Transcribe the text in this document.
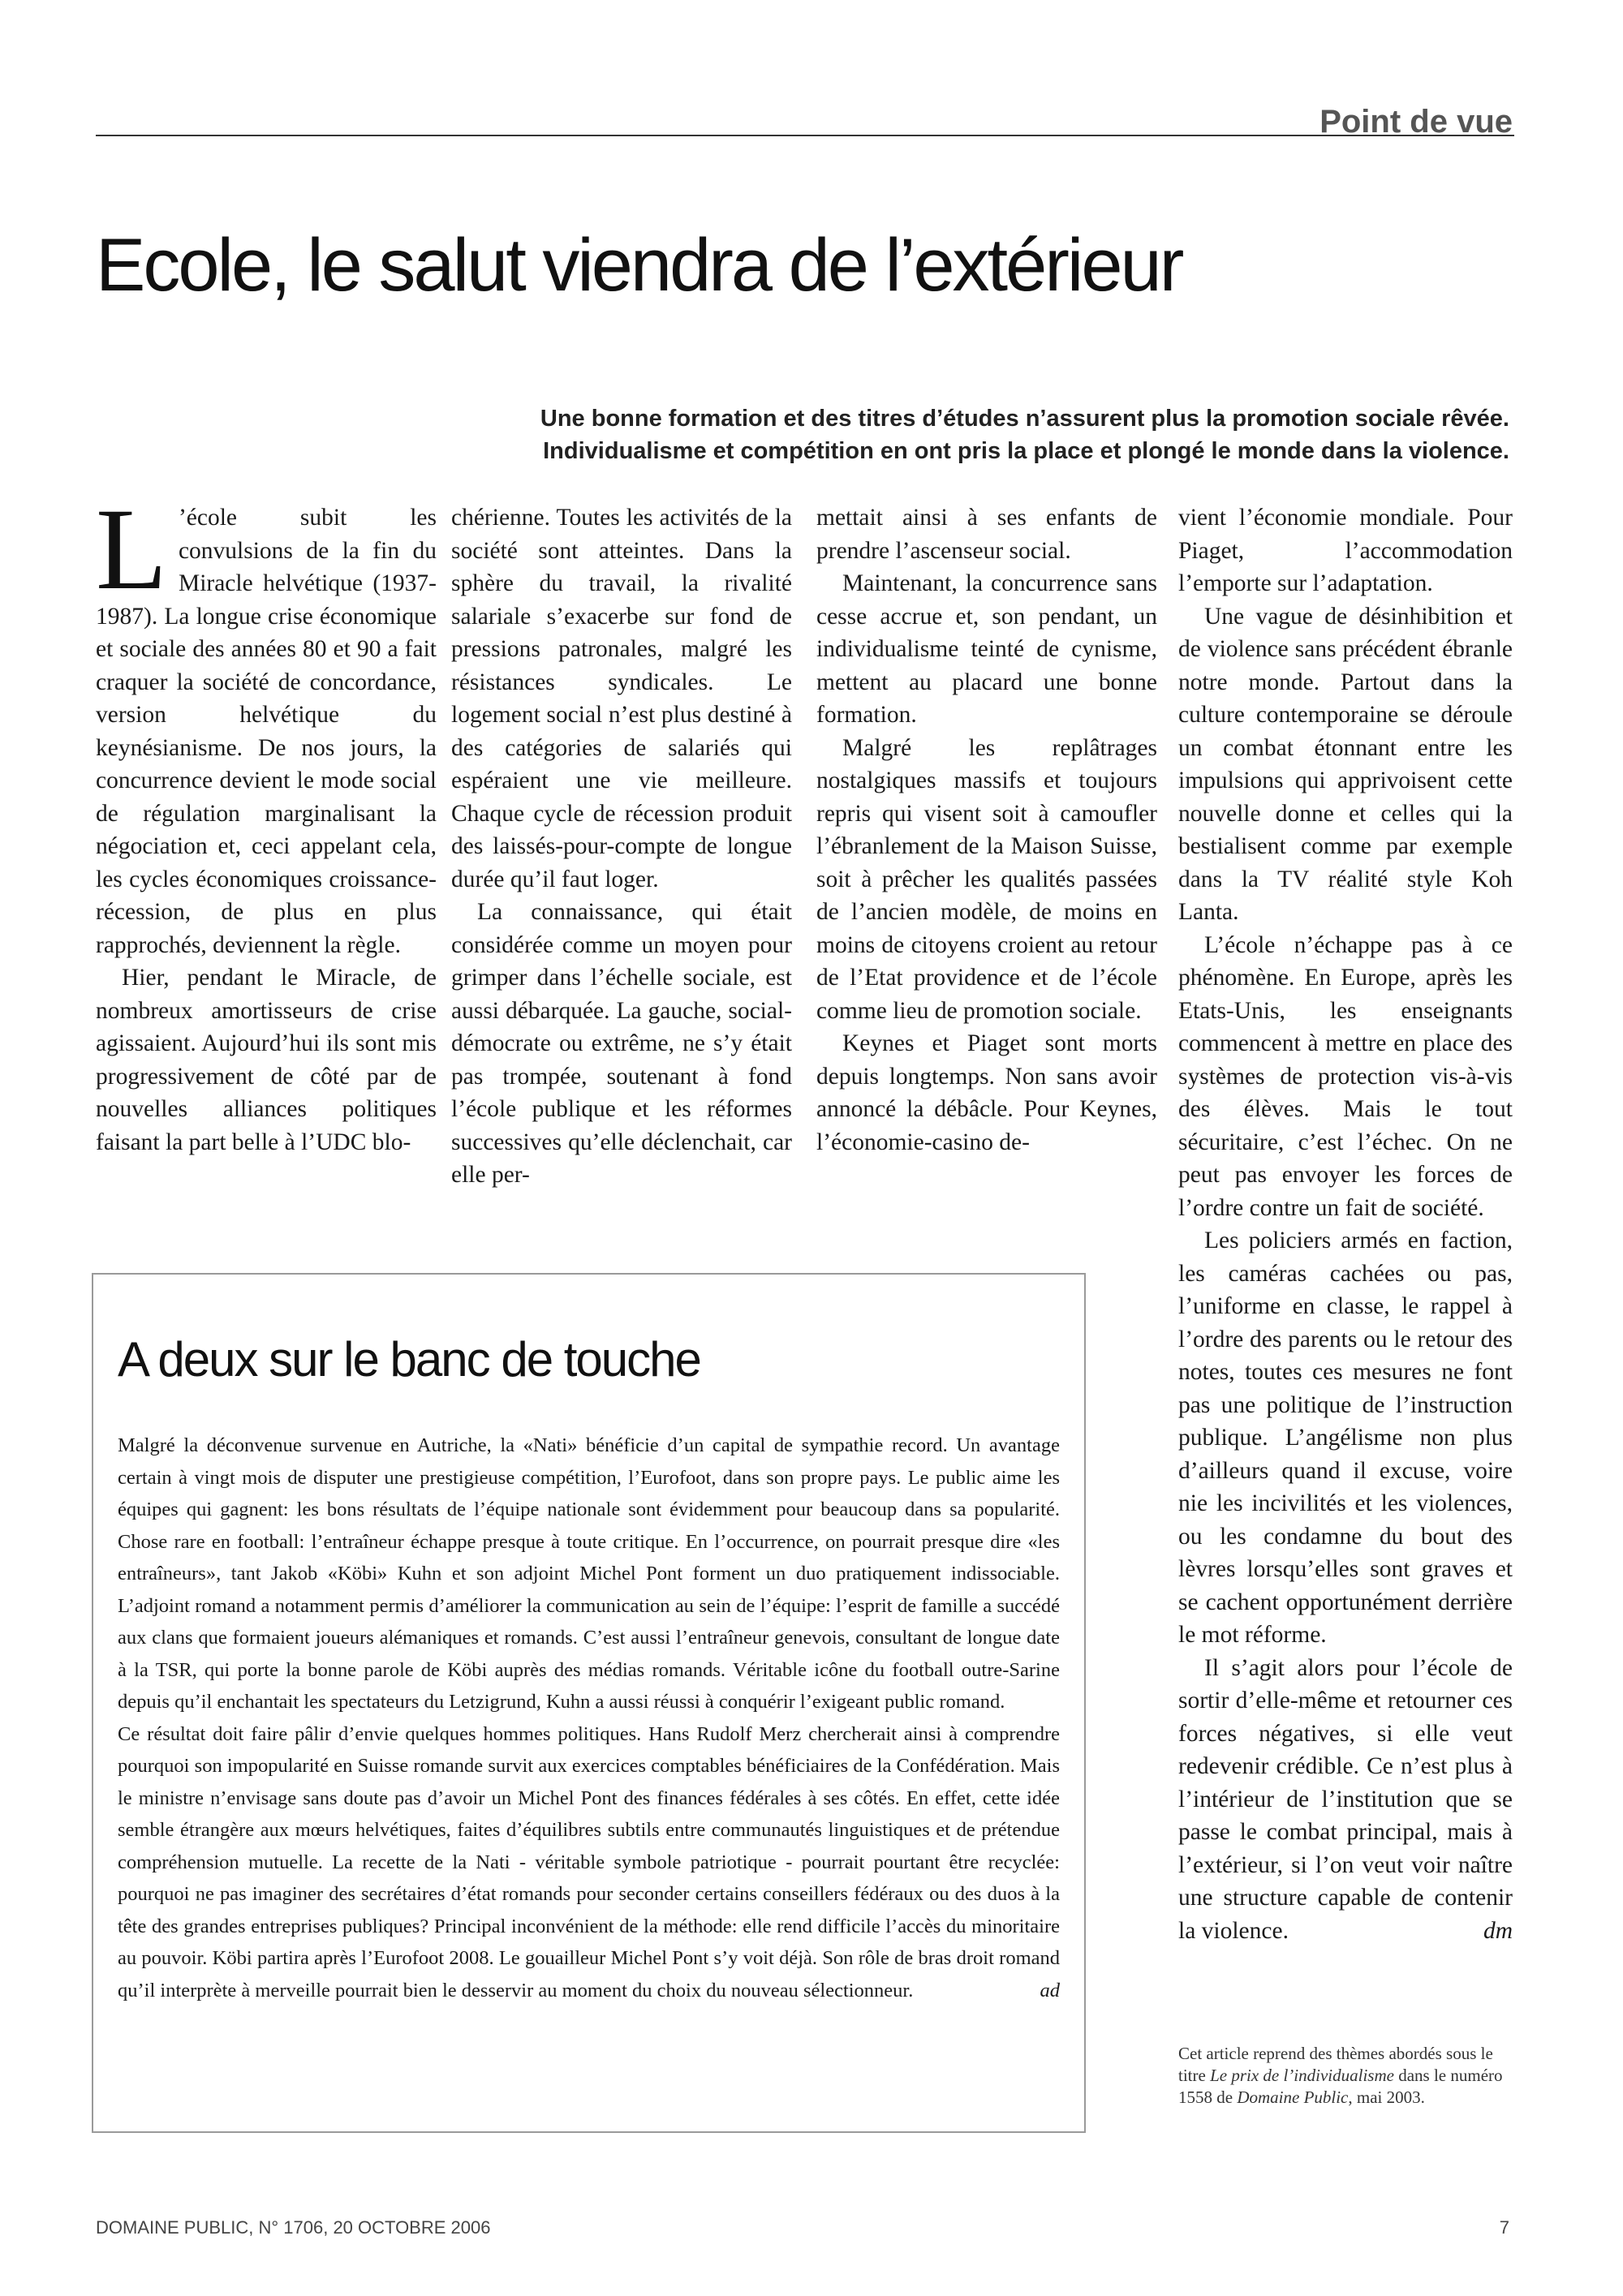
Point de vue
Ecole, le salut viendra de l’extérieur
Une bonne formation et des titres d’études n’assurent plus la promotion sociale rêvée.
Individualisme et compétition en ont pris la place et plongé le monde dans la violence.

L ’école subit les convulsions de la fin du Miracle helvétique (1937-1987). La longue crise économique et sociale des années 80 et 90 a fait craquer la société de concordance, version helvétique du keynésianisme. De nos jours, la concurrence devient le mode social de régulation marginalisant la négociation et, ceci appelant cela, les cycles économiques croissance-récession, de plus en plus rapprochés, deviennent la règle.

Hier, pendant le Miracle, de nombreux amortisseurs de crise agissaient. Aujourd’hui ils sont mis progressivement de côté par de nouvelles alliances politiques faisant la part belle à l’UDC blo-

chérienne. Toutes les activités de la société sont atteintes. Dans la sphère du travail, la rivalité salariale s’exacerbe sur fond de pressions patronales, malgré les résistances syndicales. Le logement social n’est plus destiné à des catégories de salariés qui espéraient une vie meilleure. Chaque cycle de récession produit des laissés-pour-compte de longue durée qu’il faut loger.

La connaissance, qui était considérée comme un moyen pour grimper dans l’échelle sociale, est aussi débarquée. La gauche, social-démocrate ou extrême, ne s’y était pas trompée, soutenant à fond l’école publique et les réformes successives qu’elle déclenchait, car elle per-

mettait ainsi à ses enfants de prendre l’ascenseur social.

Maintenant, la concurrence sans cesse accrue et, son pendant, un individualisme teinté de cynisme, mettent au placard une bonne formation.

Malgré les replâtrages nostalgiques massifs et toujours repris qui visent soit à camoufler l’ébranlement de la Maison Suisse, soit à prêcher les qualités passées de l’ancien modèle, de moins en moins de citoyens croient au retour de l’Etat providence et de l’école comme lieu de promotion sociale.

Keynes et Piaget sont morts depuis longtemps. Non sans avoir annoncé la débâcle. Pour Keynes, l’économie-casino de-

vient l’économie mondiale. Pour Piaget, l’accommodation l’emporte sur l’adaptation.

Une vague de désinhibition et de violence sans précédent ébranle notre monde. Partout dans la culture contemporaine se déroule un combat étonnant entre les impulsions qui apprivoisent cette nouvelle donne et celles qui la bestialisent comme par exemple dans la TV réalité style Koh Lanta.

L’école n’échappe pas à ce phénomène. En Europe, après les Etats-Unis, les enseignants commencent à mettre en place des systèmes de protection vis-à-vis des élèves. Mais le tout sécuritaire, c’est l’échec. On ne peut pas envoyer les forces de l’ordre contre un fait de société.

Les policiers armés en faction, les caméras cachées ou pas, l’uniforme en classe, le rappel à l’ordre des parents ou le retour des notes, toutes ces mesures ne font pas une politique de l’instruction publique. L’angélisme non plus d’ailleurs quand il excuse, voire nie les incivilités et les violences, ou les condamne du bout des lèvres lorsqu’elles sont graves et se cachent opportunément derrière le mot réforme.

Il s’agit alors pour l’école de sortir d’elle-même et retourner ces forces négatives, si elle veut redevenir crédible. Ce n’est plus à l’intérieur de l’institution que se passe le combat principal, mais à l’extérieur, si l’on veut voir naître une structure capable de contenir la violence.	dm

A deux sur le banc de touche

Malgré la déconvenue survenue en Autriche, la «Nati» bénéficie d’un capital de sympathie record. Un avantage certain à vingt mois de disputer une prestigieuse compétition, l’Eurofoot, dans son propre pays. Le public aime les équipes qui gagnent: les bons résultats de l’équipe nationale sont évidemment pour beaucoup dans sa popularité. Chose rare en football: l’entraîneur échappe presque à toute critique. En l’occurrence, on pourrait presque dire «les entraîneurs», tant Jakob «Köbi» Kuhn et son adjoint Michel Pont forment un duo pratiquement indissociable. L’adjoint romand a notamment permis d’améliorer la communication au sein de l’équipe: l’esprit de famille a succédé aux clans que formaient joueurs alémaniques et romands. C’est aussi l’entraîneur genevois, consultant de longue date à la TSR, qui porte la bonne parole de Köbi auprès des médias romands. Véritable icône du football outre-Sarine depuis qu’il enchantait les spectateurs du Letzigrund, Kuhn a aussi réussi à conquérir l’exigeant public romand.

Ce résultat doit faire pâlir d’envie quelques hommes politiques. Hans Rudolf Merz chercherait ainsi à comprendre pourquoi son impopularité en Suisse romande survit aux exercices comptables bénéficiaires de la Confédération. Mais le ministre n’envisage sans doute pas d’avoir un Michel Pont des finances fédérales à ses côtés. En effet, cette idée semble étrangère aux mœurs helvétiques, faites d’équilibres subtils entre communautés linguistiques et de prétendue compréhension mutuelle. La recette de la Nati - véritable symbole patriotique - pourrait pourtant être recyclée: pourquoi ne pas imaginer des secrétaires d’état romands pour seconder certains conseillers fédéraux ou des duos à la tête des grandes entreprises publiques? Principal inconvénient de la méthode: elle rend difficile l’accès du minoritaire au pouvoir. Köbi partira après l’Eurofoot 2008. Le gouailleur Michel Pont s’y voit déjà. Son rôle de bras droit romand qu’il interprète à merveille pourrait bien le desservir au moment du choix du nouveau sélectionneur.	ad

Cet article reprend des thèmes abordés sous le titre Le prix de l’individualisme dans le numéro 1558 de Domaine Public, mai 2003.
DOMAINE PUBLIC, N° 1706, 20 OCTOBRE 2006	7
